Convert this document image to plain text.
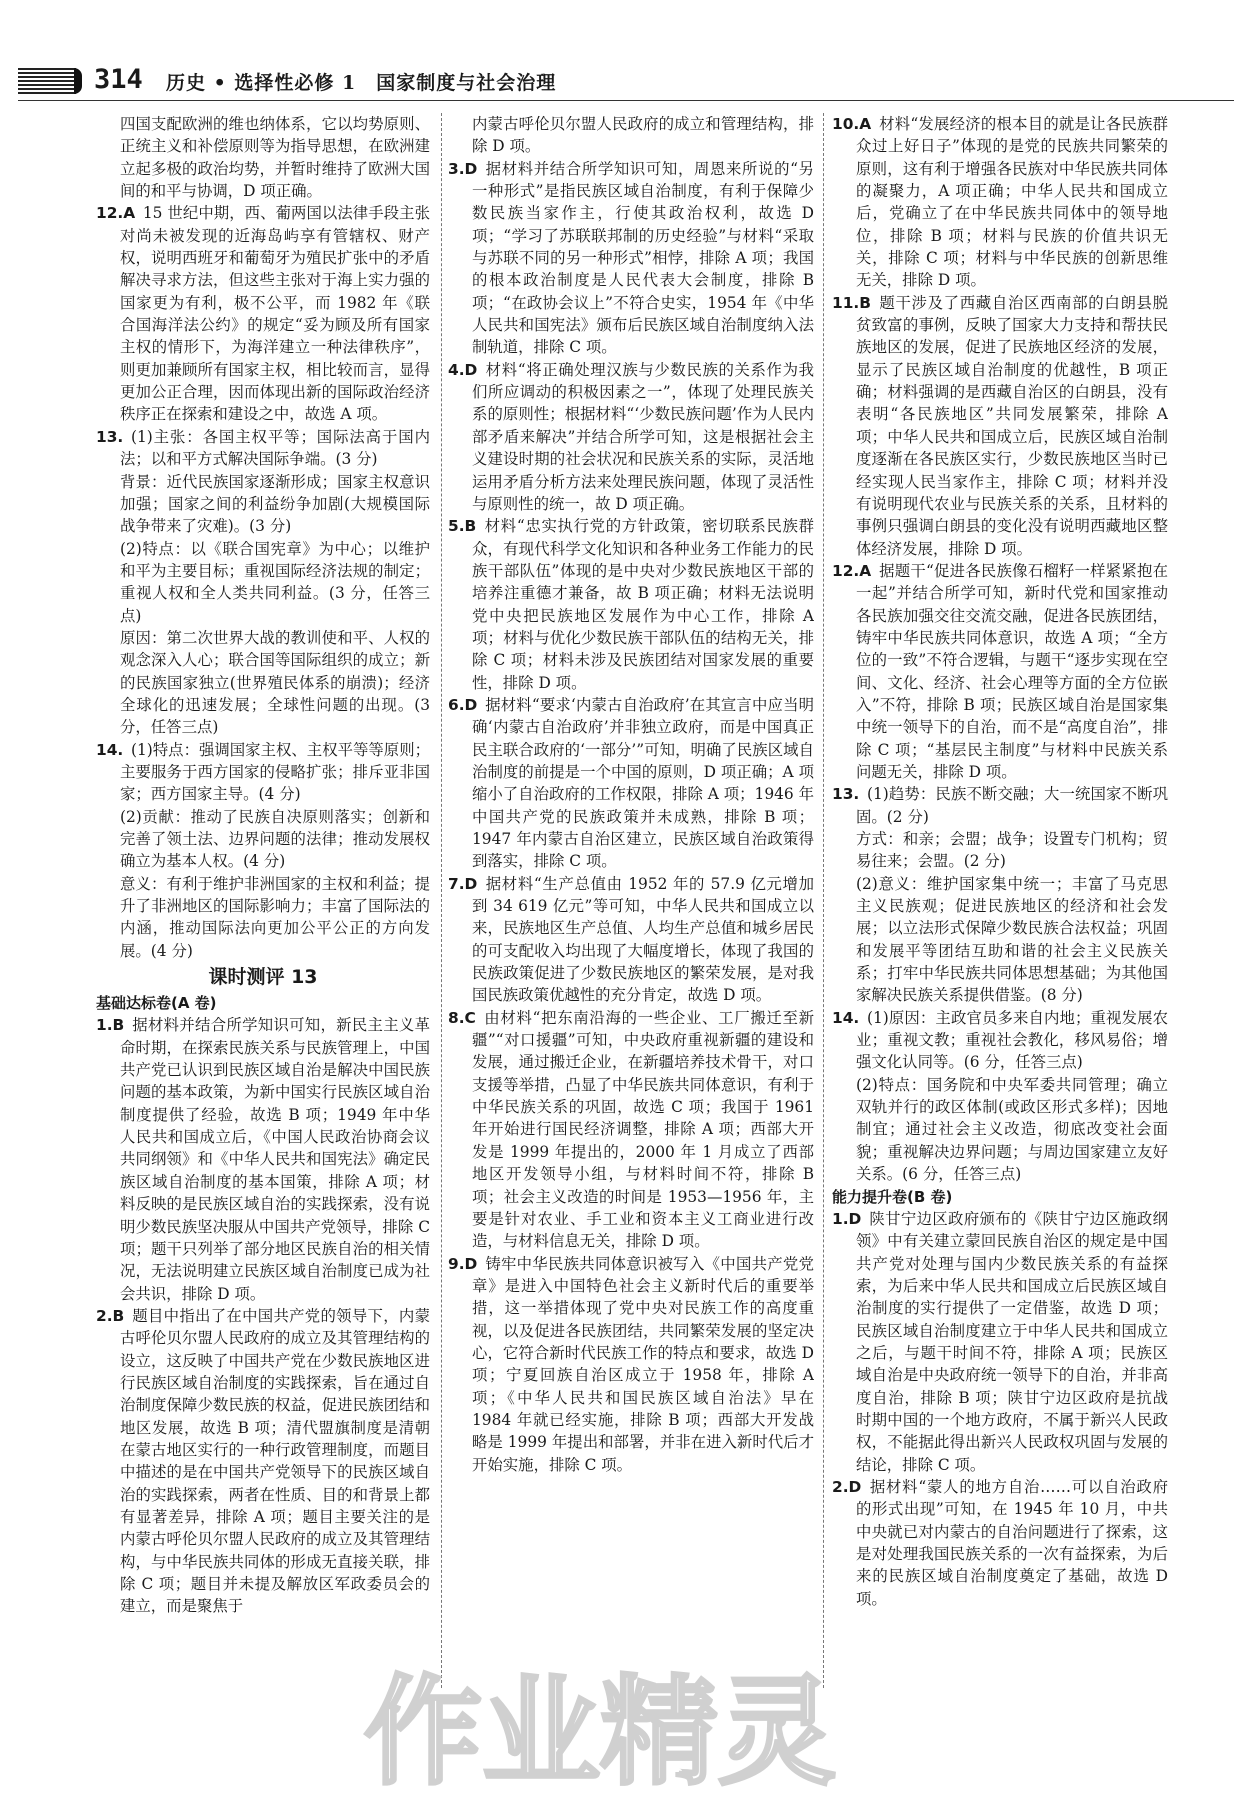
314 历史 • 选择性必修 1　国家制度与社会治理
四国支配欧洲的维也纳体系，它以均势原则、正统主义和补偿原则等为指导思想，在欧洲建立起多极的政治均势，并暂时维持了欧洲大国间的和平与协调，D 项正确。
12.A  15 世纪中期，西、葡两国以法律手段主张对尚未被发现的近海岛屿享有管辖权、财产权，说明西班牙和葡萄牙为殖民扩张中的矛盾解决寻求方法，但这些主张对于海上实力强的国家更为有利，极不公平，而 1982 年《联合国海洋法公约》的规定“妥为顾及所有国家主权的情形下，为海洋建立一种法律秩序”，则更加兼顾所有国家主权，相比较而言，显得更加公正合理，因而体现出新的国际政治经济秩序正在探索和建设之中，故选 A 项。
13.  (1)主张：各国主权平等；国际法高于国内法；以和平方式解决国际争端。(3 分)
背景：近代民族国家逐渐形成；国家主权意识加强；国家之间的利益纷争加剧(大规模国际战争带来了灾难)。(3 分)
(2)特点：以《联合国宪章》为中心；以维护和平为主要目标；重视国际经济法规的制定；重视人权和全人类共同利益。(3 分，任答三点)
原因：第二次世界大战的教训使和平、人权的观念深入人心；联合国等国际组织的成立；新的民族国家独立(世界殖民体系的崩溃)；经济全球化的迅速发展；全球性问题的出现。(3 分，任答三点)
14.  (1)特点：强调国家主权、主权平等等原则；主要服务于西方国家的侵略扩张；排斥亚非国家；西方国家主导。(4 分)
(2)贡献：推动了民族自决原则落实；创新和完善了领土法、边界问题的法律；推动发展权确立为基本人权。(4 分)
意义：有利于维护非洲国家的主权和利益；提升了非洲地区的国际影响力；丰富了国际法的内涵，推动国际法向更加公平公正的方向发展。(4 分)
课时测评 13
基础达标卷(A 卷)
1.B  据材料并结合所学知识可知，新民主主义革命时期，在探索民族关系与民族管理上，中国共产党已认识到民族区域自治是解决中国民族问题的基本政策，为新中国实行民族区域自治制度提供了经验，故选 B 项；1949 年中华人民共和国成立后，《中国人民政治协商会议共同纲领》和《中华人民共和国宪法》确定民族区域自治制度的基本国策，排除 A 项；材料反映的是民族区域自治的实践探索，没有说明少数民族坚决服从中国共产党领导，排除 C 项；题干只列举了部分地区民族自治的相关情况，无法说明建立民族区域自治制度已成为社会共识，排除 D 项。
2.B  题目中指出了在中国共产党的领导下，内蒙古呼伦贝尔盟人民政府的成立及其管理结构的设立，这反映了中国共产党在少数民族地区进行民族区域自治制度的实践探索，旨在通过自治制度保障少数民族的权益，促进民族团结和地区发展，故选 B 项；清代盟旗制度是清朝在蒙古地区实行的一种行政管理制度，而题目中描述的是在中国共产党领导下的民族区域自治的实践探索，两者在性质、目的和背景上都有显著差异，排除 A 项；题目主要关注的是内蒙古呼伦贝尔盟人民政府的成立及其管理结构，与中华民族共同体的形成无直接关联，排除 C 项；题目并未提及解放区军政委员会的建立，而是聚焦于
内蒙古呼伦贝尔盟人民政府的成立和管理结构，排除 D 项。
3.D  据材料并结合所学知识可知，周恩来所说的“另一种形式”是指民族区域自治制度，有利于保障少数民族当家作主，行使其政治权利，故选 D 项；“学习了苏联联邦制的历史经验”与材料“采取与苏联不同的另一种形式”相悖，排除 A 项；我国的根本政治制度是人民代表大会制度，排除 B 项；“在政协会议上”不符合史实，1954 年《中华人民共和国宪法》颁布后民族区域自治制度纳入法制轨道，排除 C 项。
4.D  材料“将正确处理汉族与少数民族的关系作为我们所应调动的积极因素之一”，体现了处理民族关系的原则性；根据材料“‘少数民族问题’作为人民内部矛盾来解决”并结合所学可知，这是根据社会主义建设时期的社会状况和民族关系的实际，灵活地运用矛盾分析方法来处理民族问题，体现了灵活性与原则性的统一，故 D 项正确。
5.B  材料“忠实执行党的方针政策，密切联系民族群众，有现代科学文化知识和各种业务工作能力的民族干部队伍”体现的是中央对少数民族地区干部的培养注重德才兼备，故 B 项正确；材料无法说明党中央把民族地区发展作为中心工作，排除 A 项；材料与优化少数民族干部队伍的结构无关，排除 C 项；材料未涉及民族团结对国家发展的重要性，排除 D 项。
6.D  据材料“要求‘内蒙古自治政府’在其宣言中应当明确‘内蒙古自治政府’并非独立政府，而是中国真正民主联合政府的‘一部分’”可知，明确了民族区域自治制度的前提是一个中国的原则，D 项正确；A 项缩小了自治政府的工作权限，排除 A 项；1946 年中国共产党的民族政策并未成熟，排除 B 项；1947 年内蒙古自治区建立，民族区域自治政策得到落实，排除 C 项。
7.D  据材料“生产总值由 1952 年的 57.9 亿元增加到 34 619 亿元”等可知，中华人民共和国成立以来，民族地区生产总值、人均生产总值和城乡居民的可支配收入均出现了大幅度增长，体现了我国的民族政策促进了少数民族地区的繁荣发展，是对我国民族政策优越性的充分肯定，故选 D 项。
8.C  由材料“把东南沿海的一些企业、工厂搬迁至新疆”“对口援疆”可知，中央政府重视新疆的建设和发展，通过搬迁企业，在新疆培养技术骨干，对口支援等举措，凸显了中华民族共同体意识，有利于中华民族关系的巩固，故选 C 项；我国于 1961 年开始进行国民经济调整，排除 A 项；西部大开发是 1999 年提出的，2000 年 1 月成立了西部地区开发领导小组，与材料时间不符，排除 B 项；社会主义改造的时间是 1953—1956 年，主要是针对农业、手工业和资本主义工商业进行改造，与材料信息无关，排除 D 项。
9.D  铸牢中华民族共同体意识被写入《中国共产党党章》是进入中国特色社会主义新时代后的重要举措，这一举措体现了党中央对民族工作的高度重视，以及促进各民族团结，共同繁荣发展的坚定决心，它符合新时代民族工作的特点和要求，故选 D 项；宁夏回族自治区成立于 1958 年，排除 A 项；《中华人民共和国民族区域自治法》早在 1984 年就已经实施，排除 B 项；西部大开发战略是 1999 年提出和部署，并非在进入新时代后才开始实施，排除 C 项。
10.A  材料“发展经济的根本目的就是让各民族群众过上好日子”体现的是党的民族共同繁荣的原则，这有利于增强各民族对中华民族共同体的凝聚力，A 项正确；中华人民共和国成立后，党确立了在中华民族共同体中的领导地位，排除 B 项；材料与民族的价值共识无关，排除 C 项；材料与中华民族的创新思维无关，排除 D 项。
11.B  题干涉及了西藏自治区西南部的白朗县脱贫致富的事例，反映了国家大力支持和帮扶民族地区的发展，促进了民族地区经济的发展，显示了民族区域自治制度的优越性，B 项正确；材料强调的是西藏自治区的白朗县，没有表明“各民族地区”共同发展繁荣，排除 A 项；中华人民共和国成立后，民族区域自治制度逐渐在各民族区实行，少数民族地区当时已经实现人民当家作主，排除 C 项；材料并没有说明现代农业与民族关系的关系，且材料的事例只强调白朗县的变化没有说明西藏地区整体经济发展，排除 D 项。
12.A  据题干“促进各民族像石榴籽一样紧紧抱在一起”并结合所学可知，新时代党和国家推动各民族加强交往交流交融，促进各民族团结，铸牢中华民族共同体意识，故选 A 项；“全方位的一致”不符合逻辑，与题干“逐步实现在空间、文化、经济、社会心理等方面的全方位嵌入”不符，排除 B 项；民族区域自治是国家集中统一领导下的自治，而不是“高度自治”，排除 C 项；“基层民主制度”与材料中民族关系问题无关，排除 D 项。
13.  (1)趋势：民族不断交融；大一统国家不断巩固。(2 分)
方式：和亲；会盟；战争；设置专门机构；贸易往来；会盟。(2 分)
(2)意义：维护国家集中统一；丰富了马克思主义民族观；促进民族地区的经济和社会发展；以立法形式保障少数民族合法权益；巩固和发展平等团结互助和谐的社会主义民族关系；打牢中华民族共同体思想基础；为其他国家解决民族关系提供借鉴。(8 分)
14.  (1)原因：主政官员多来自内地；重视发展农业；重视文教；重视社会教化，移风易俗；增强文化认同等。(6 分，任答三点)
(2)特点：国务院和中央军委共同管理；确立双轨并行的政区体制(或政区形式多样)；因地制宜；通过社会主义改造，彻底改变社会面貌；重视解决边界问题；与周边国家建立友好关系。(6 分，任答三点)
能力提升卷(B 卷)
1.D  陕甘宁边区政府颁布的《陕甘宁边区施政纲领》中有关建立蒙回民族自治区的规定是中国共产党对处理与国内少数民族关系的有益探索，为后来中华人民共和国成立后民族区域自治制度的实行提供了一定借鉴，故选 D 项；民族区域自治制度建立于中华人民共和国成立之后，与题干时间不符，排除 A 项；民族区域自治是中央政府统一领导下的自治，并非高度自治，排除 B 项；陕甘宁边区政府是抗战时期中国的一个地方政府，不属于新兴人民政权，不能据此得出新兴人民政权巩固与发展的结论，排除 C 项。
2.D  据材料“蒙人的地方自治……可以自治政府的形式出现”可知，在 1945 年 10 月，中共中央就已对内蒙古的自治问题进行了探索，这是对处理我国民族关系的一次有益探索，为后来的民族区域自治制度奠定了基础，故选 D 项。
作业精灵
